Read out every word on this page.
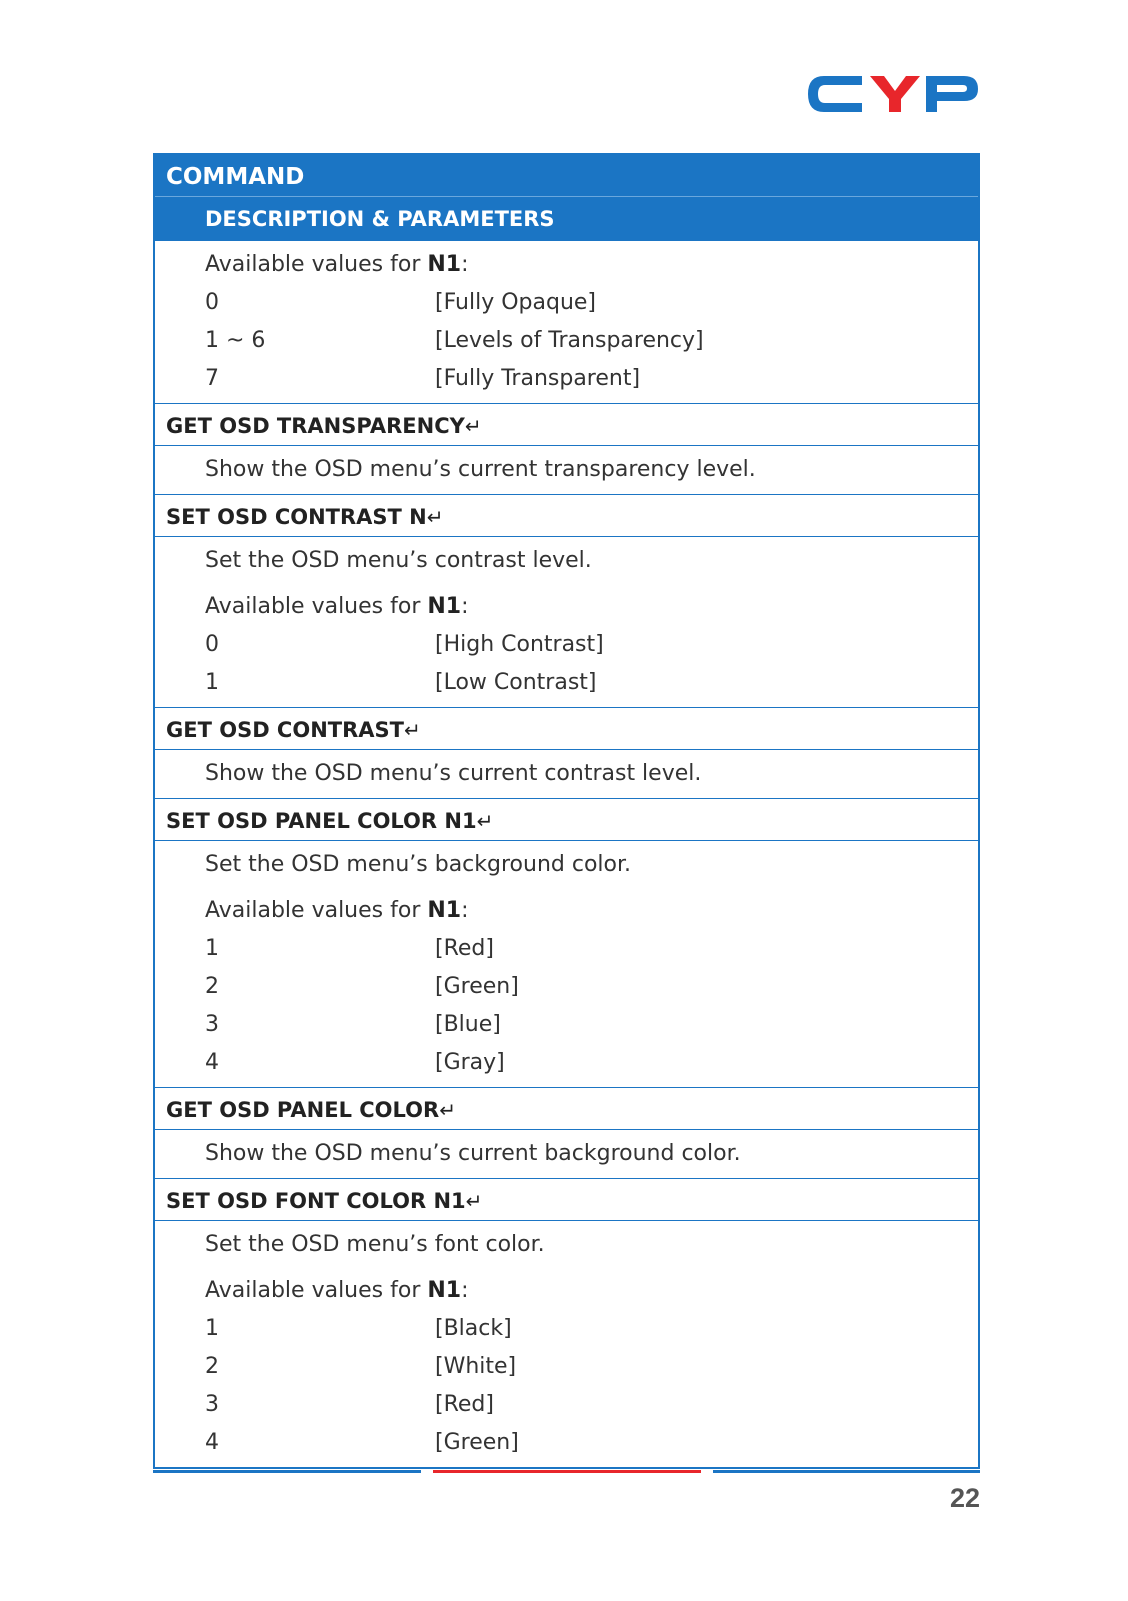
COMMAND
DESCRIPTION & PARAMETERS
Available values for N1:
0	[Fully Opaque]
1 ~ 6	[Levels of Transparency]
7	[Fully Transparent]
GET OSD TRANSPARENCY↵
Show the OSD menu’s current transparency level.
SET OSD CONTRAST N↵
Set the OSD menu’s contrast level.
Available values for N1:
0	[High Contrast]
1	[Low Contrast]
GET OSD CONTRAST↵
Show the OSD menu’s current contrast level.
SET OSD PANEL COLOR N1↵
Set the OSD menu’s background color.
Available values for N1:
1	[Red]
2	[Green]
3	[Blue]
4	[Gray]
GET OSD PANEL COLOR↵
Show the OSD menu’s current background color.
SET OSD FONT COLOR N1↵
Set the OSD menu’s font color.
Available values for N1:
1	[Black]
2	[White]
3	[Red]
4	[Green]
22
